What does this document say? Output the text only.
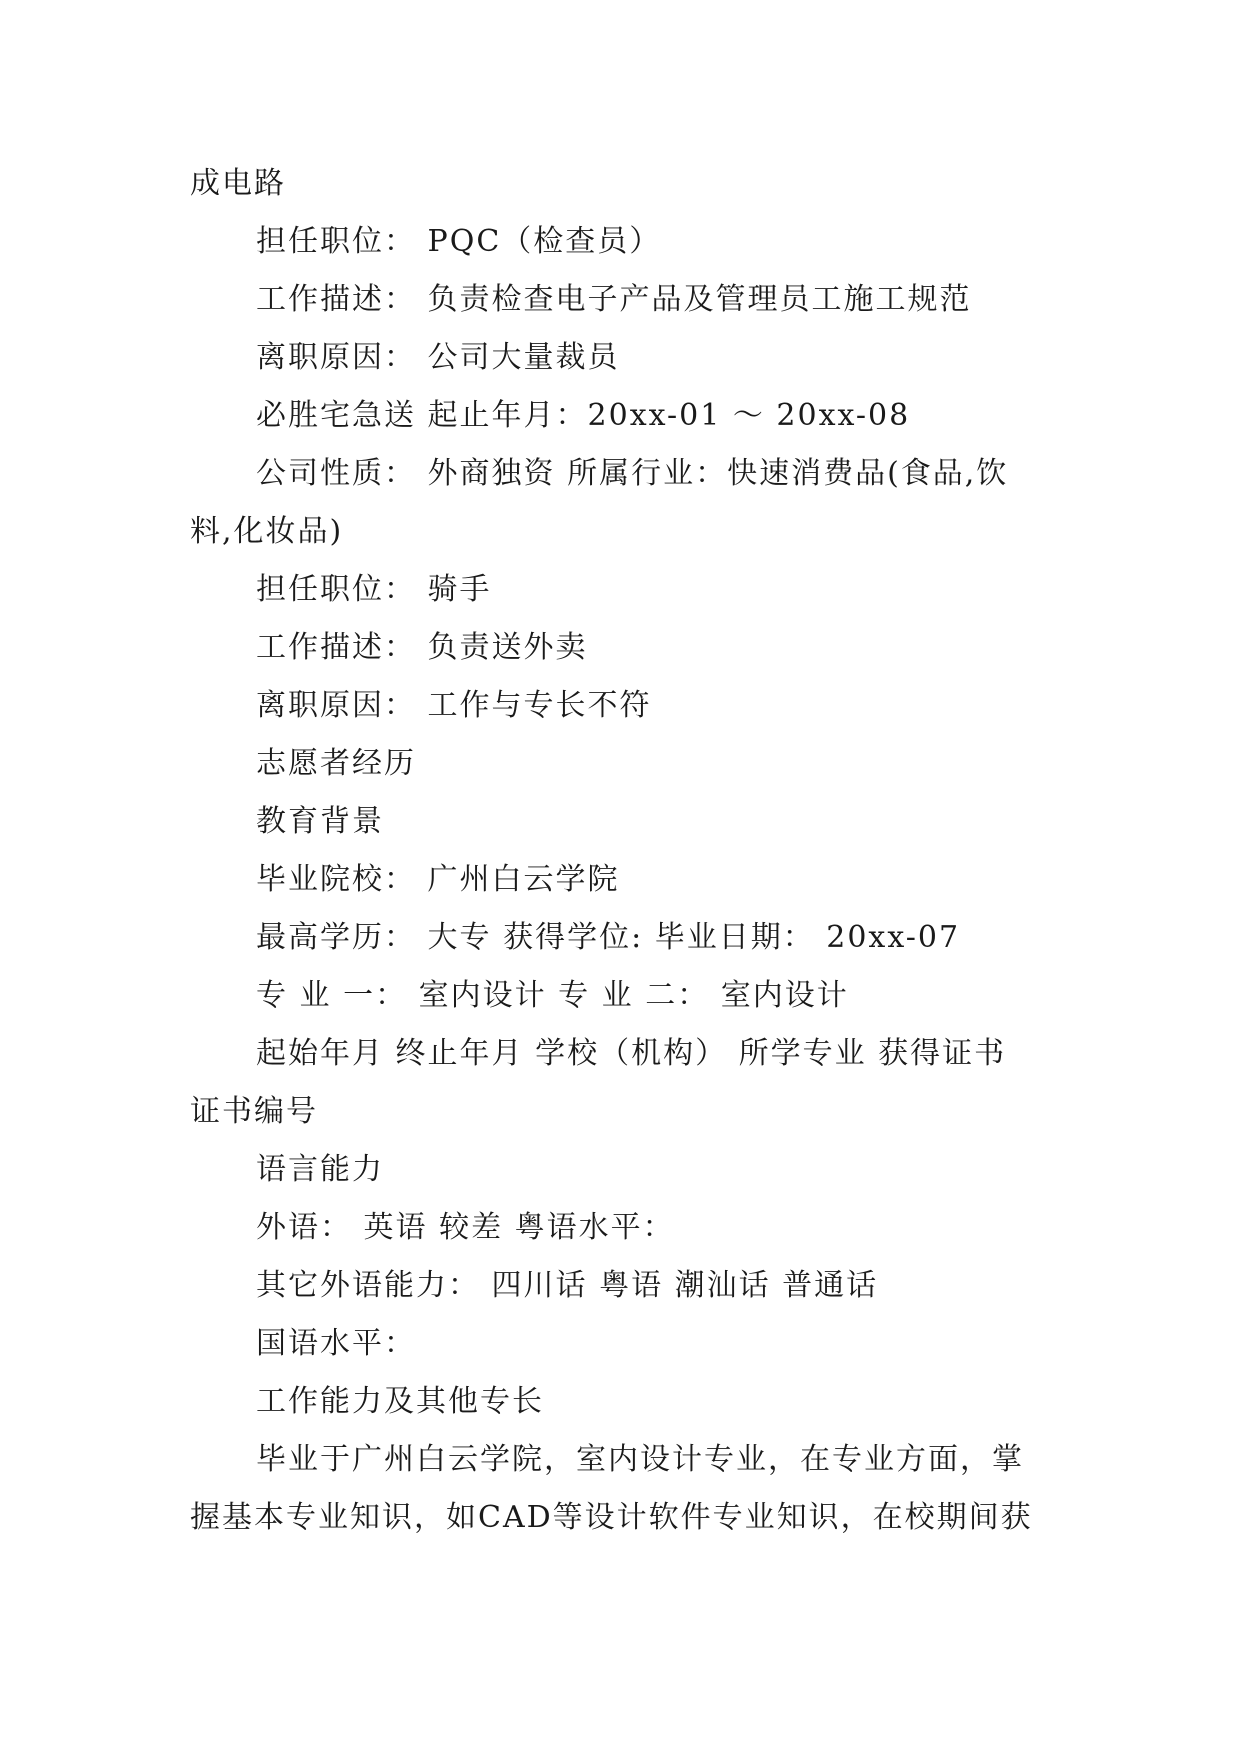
成电路
担任职位： PQC（检查员）
工作描述： 负责检查电子产品及管理员工施工规范
离职原因： 公司大量裁员
必胜宅急送 起止年月：20xx-01 ～ 20xx-08
公司性质： 外商独资 所属行业：快速消费品(食品,饮
料,化妆品)
担任职位： 骑手
工作描述： 负责送外卖
离职原因： 工作与专长不符
志愿者经历
教育背景
毕业院校： 广州白云学院
最高学历： 大专 获得学位: 毕业日期： 20xx-07
专 业 一： 室内设计 专 业 二： 室内设计
起始年月 终止年月 学校（机构） 所学专业 获得证书
证书编号
语言能力
外语： 英语 较差 粤语水平：
其它外语能力： 四川话 粤语 潮汕话 普通话
国语水平：
工作能力及其他专长
毕业于广州白云学院，室内设计专业，在专业方面，掌
握基本专业知识，如CAD等设计软件专业知识，在校期间获
